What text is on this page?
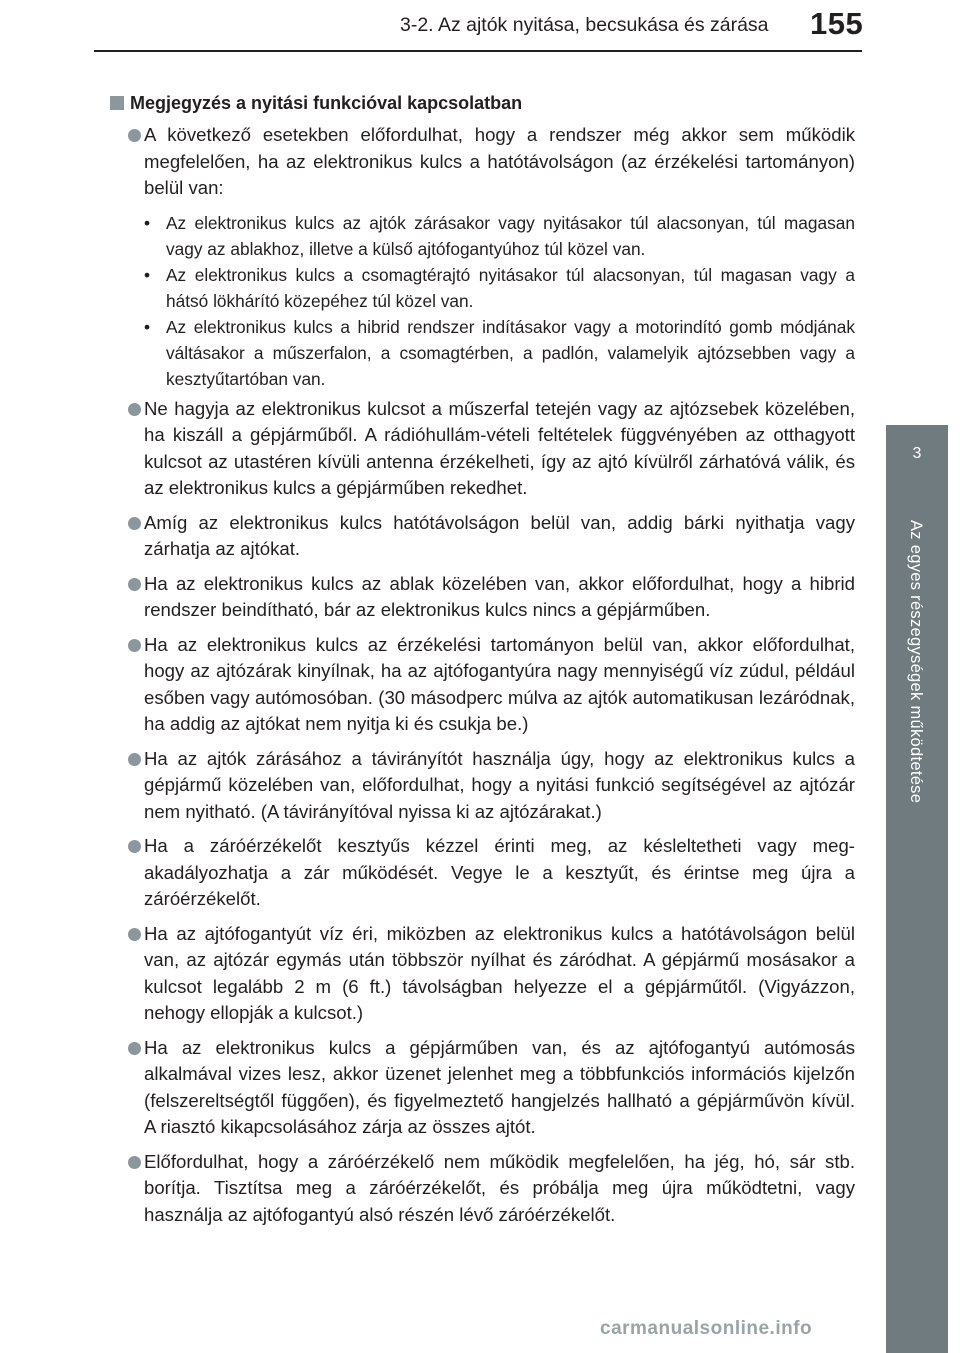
3-2. Az ajtók nyitása, becsukása és zárása 155
3
Az egyes részegységek működtetése
Megjegyzés a nyitási funkcióval kapcsolatban
A következő esetekben előfordulhat, hogy a rendszer még akkor sem működik megfelelően, ha az elektronikus kulcs a hatótávolságon (az érzékelési tartományon) belül van:
• Az elektronikus kulcs az ajtók zárásakor vagy nyitásakor túl alacsonyan, túl magasan vagy az ablakhoz, illetve a külső ajtófogantyúhoz túl közel van.
• Az elektronikus kulcs a csomagtérajtó nyitásakor túl alacsonyan, túl magasan vagy a hátsó lökhárító közepéhez túl közel van.
• Az elektronikus kulcs a hibrid rendszer indításakor vagy a motorindító gomb módjának váltásakor a műszerfalon, a csomagtérben, a padlón, valamelyik ajtózsebben vagy a kesztyűtartóban van.
Ne hagyja az elektronikus kulcsot a műszerfal tetején vagy az ajtózsebek közelében, ha kiszáll a gépjárműből. A rádióhullám-vételi feltételek függvényében az otthagyott kulcsot az utastéren kívüli antenna érzékelheti, így az ajtó kívülről zárhatóvá válik, és az elektronikus kulcs a gépjárműben rekedhet.
Amíg az elektronikus kulcs hatótávolságon belül van, addig bárki nyithatja vagy zárhatja az ajtókat.
Ha az elektronikus kulcs az ablak közelében van, akkor előfordulhat, hogy a hibrid rendszer beindítható, bár az elektronikus kulcs nincs a gépjárműben.
Ha az elektronikus kulcs az érzékelési tartományon belül van, akkor előfordulhat, hogy az ajtózárak kinyílnak, ha az ajtófogantyúra nagy mennyiségű víz zúdul, például esőben vagy autómosóban. (30 másodperc múlva az ajtók automatikusan lezáródnak, ha addig az ajtókat nem nyitja ki és csukja be.)
Ha az ajtók zárásához a távirányítót használja úgy, hogy az elektronikus kulcs a gépjármű közelében van, előfordulhat, hogy a nyitási funkció segítségével az ajtózár nem nyitható. (A távirányítóval nyissa ki az ajtózárakat.)
Ha a záróérzékelőt kesztyűs kézzel érinti meg, az késleltetheti vagy megakadályozhatja a zár működését. Vegye le a kesztyűt, és érintse meg újra a záróérzékelőt.
Ha az ajtófogantyút víz éri, miközben az elektronikus kulcs a hatótávolságon belül van, az ajtózár egymás után többször nyílhat és záródhat. A gépjármű mosásakor a kulcsot legalább 2 m (6 ft.) távolságban helyezze el a gépjárműtől. (Vigyázzon, nehogy ellopják a kulcsot.)
Ha az elektronikus kulcs a gépjárműben van, és az ajtófogantyú autómosás alkalmával vizes lesz, akkor üzenet jelenhet meg a többfunkciós információs kijelzőn (felszereltségtől függően), és figyelmeztető hangjelzés hallható a gépjárművön kívül. A riasztó kikapcsolásához zárja az összes ajtót.
Előfordulhat, hogy a záróérzékelő nem működik megfelelően, ha jég, hó, sár stb. borítja. Tisztítsa meg a záróérzékelőt, és próbálja meg újra működtetni, vagy használja az ajtófogantyú alsó részén lévő záróérzékelőt.
carmanualsonline.info
